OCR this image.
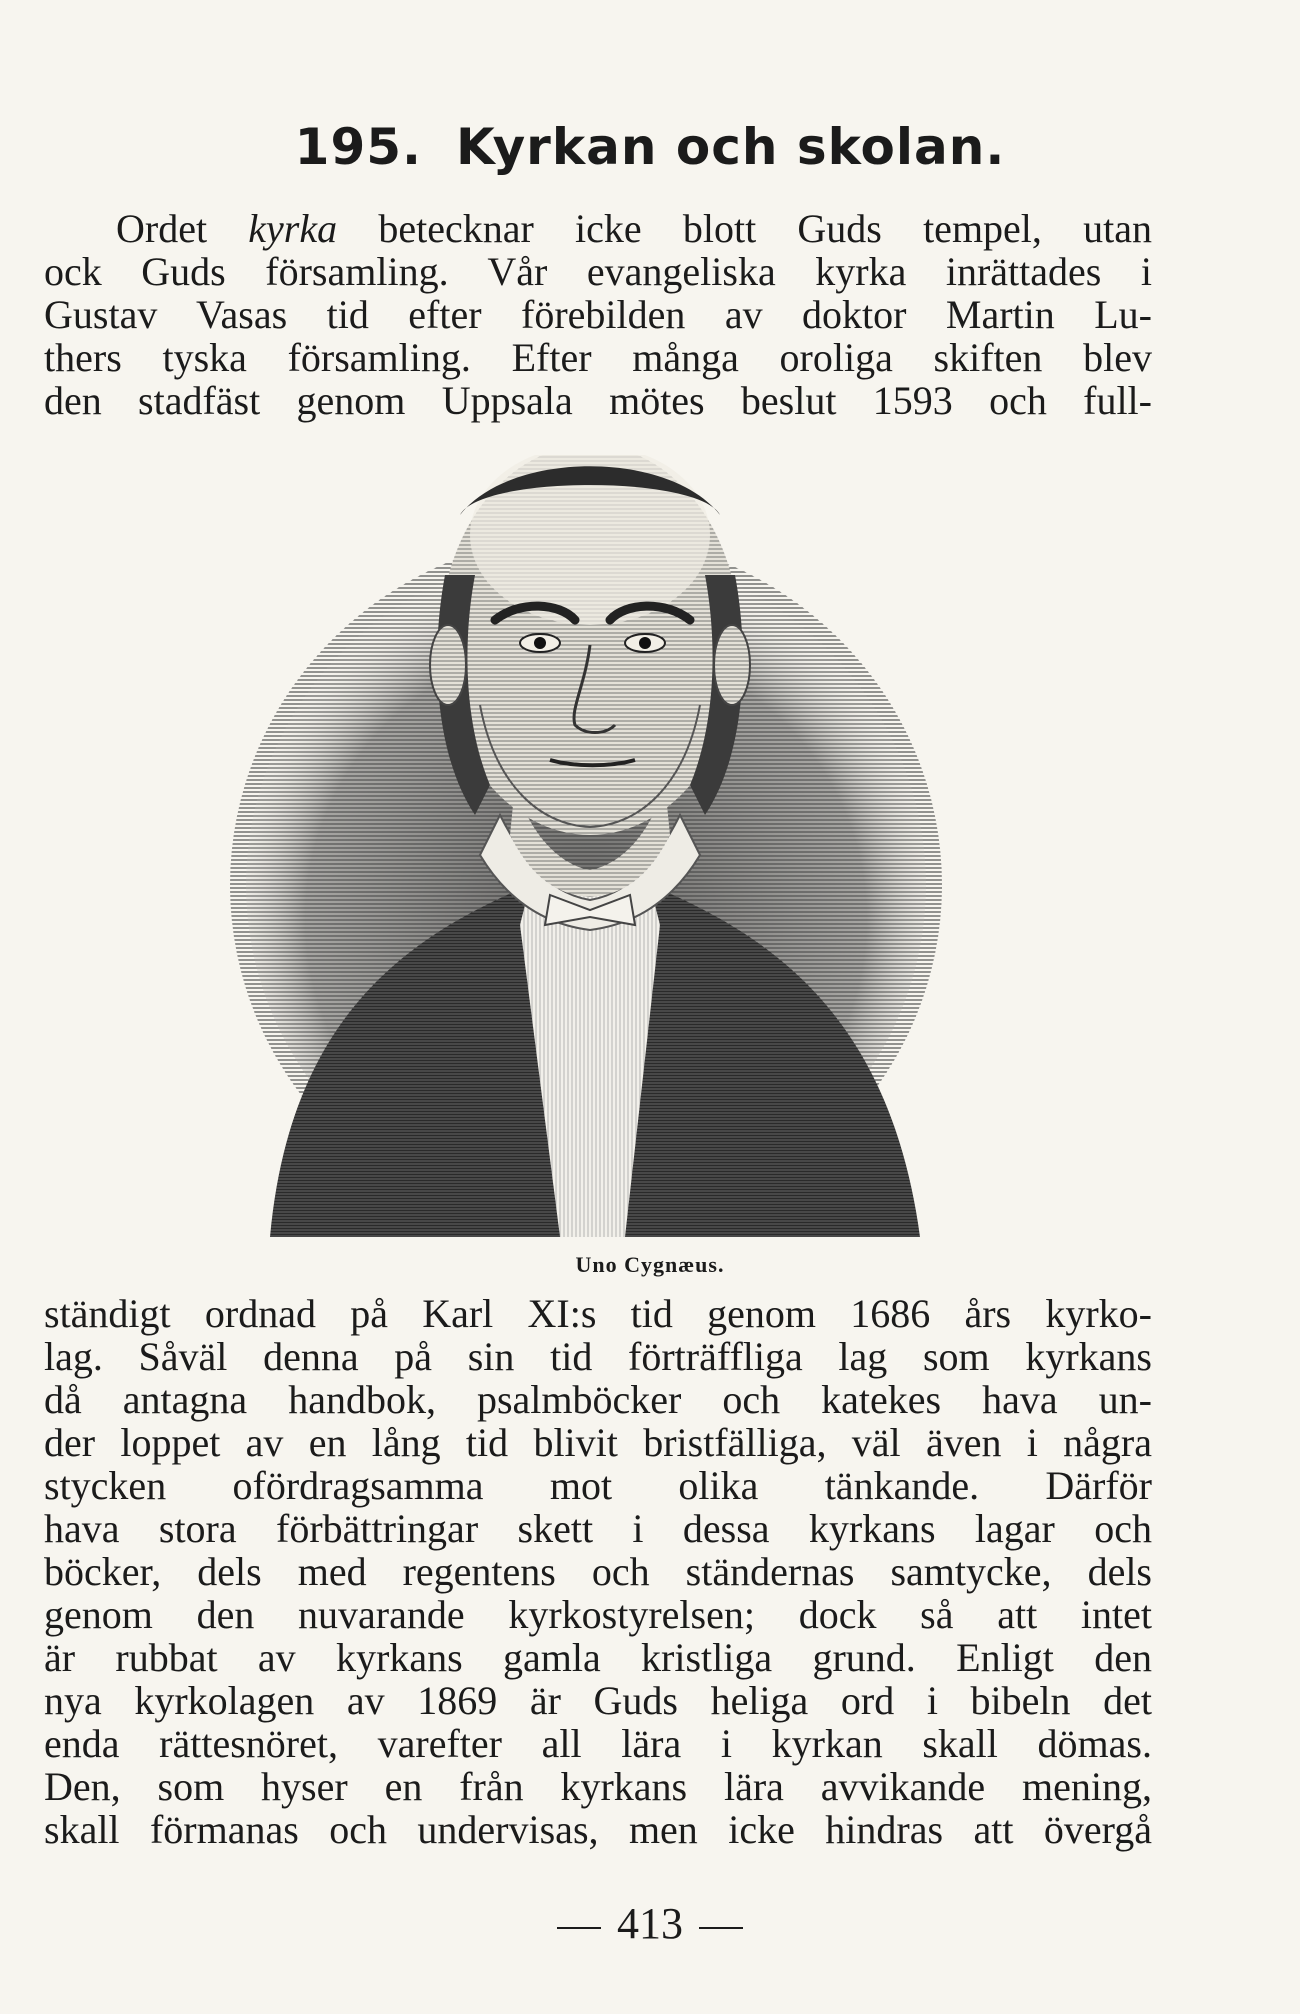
195. Kyrkan och skolan.

Ordet kyrka betecknar icke blott Guds tempel, utan
ock Guds församling. Vår evangeliska kyrka inrättades i
Gustav Vasas tid efter förebilden av doktor Martin Lu-
thers tyska församling. Efter många oroliga skiften blev
den stadfäst genom Uppsala mötes beslut 1593 och full-

Uno Cygnæus.

ständigt ordnad på Karl XI:s tid genom 1686 års kyrko-
lag. Såväl denna på sin tid förträffliga lag som kyrkans
då antagna handbok, psalmböcker och katekes hava un-
der loppet av en lång tid blivit bristfälliga, väl även i några
stycken ofördragsamma mot olika tänkande. Därför
hava stora förbättringar skett i dessa kyrkans lagar och
böcker, dels med regentens och ständernas samtycke, dels
genom den nuvarande kyrkostyrelsen; dock så att intet
är rubbat av kyrkans gamla kristliga grund. Enligt den
nya kyrkolagen av 1869 är Guds heliga ord i bibeln det
enda rättesnöret, varefter all lära i kyrkan skall dömas.
Den, som hyser en från kyrkans lära avvikande mening,
skall förmanas och undervisas, men icke hindras att övergå

413
